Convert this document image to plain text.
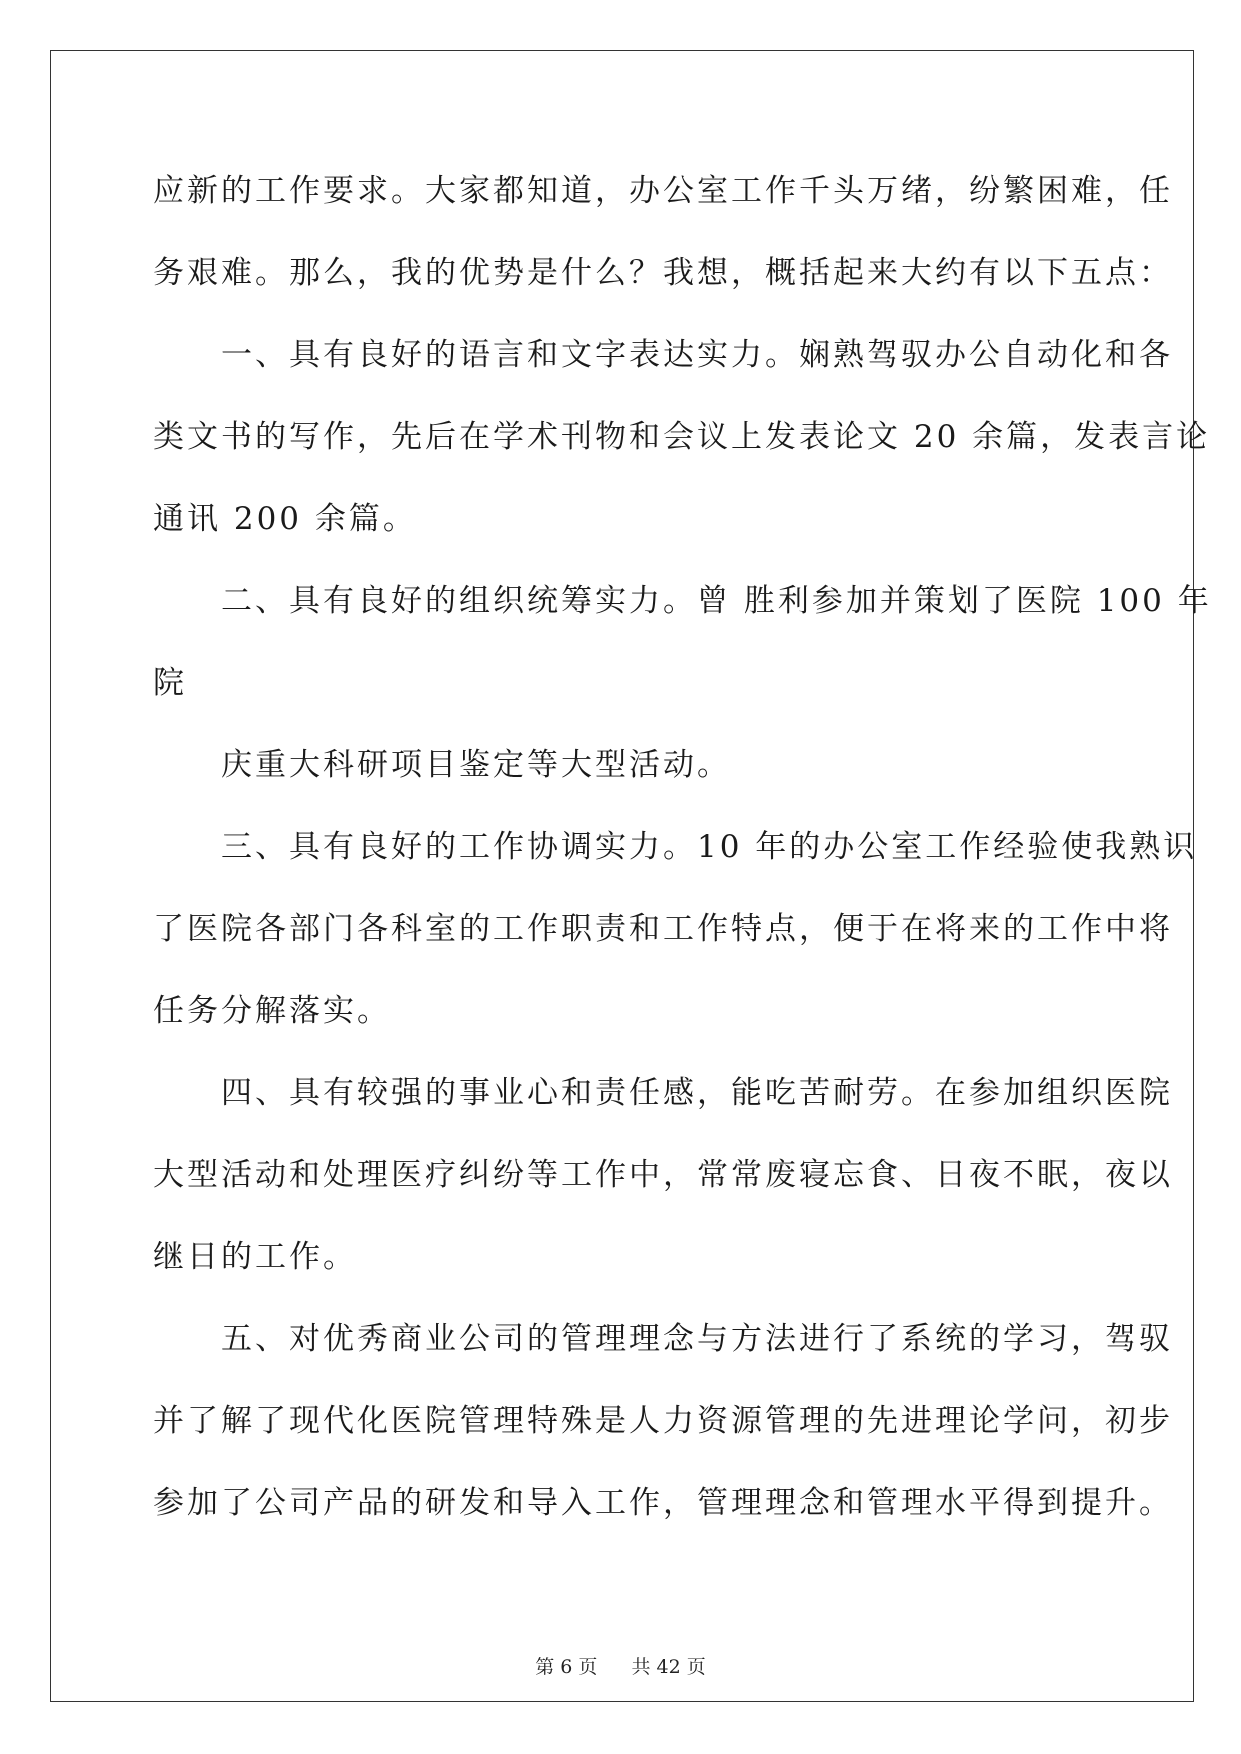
应新的工作要求。大家都知道，办公室工作千头万绪，纷繁困难，任
务艰难。那么，我的优势是什么？我想，概括起来大约有以下五点：
　　一、具有良好的语言和文字表达实力。娴熟驾驭办公自动化和各
类文书的写作，先后在学术刊物和会议上发表论文 20 余篇，发表言论
通讯 200 余篇。
　　二、具有良好的组织统筹实力。曾 胜利参加并策划了医院 100 年
院
　　庆重大科研项目鉴定等大型活动。
　　三、具有良好的工作协调实力。10 年的办公室工作经验使我熟识
了医院各部门各科室的工作职责和工作特点，便于在将来的工作中将
任务分解落实。
　　四、具有较强的事业心和责任感，能吃苦耐劳。在参加组织医院
大型活动和处理医疗纠纷等工作中，常常废寝忘食、日夜不眠，夜以
继日的工作。
　　五、对优秀商业公司的管理理念与方法进行了系统的学习，驾驭
并了解了现代化医院管理特殊是人力资源管理的先进理论学问，初步
参加了公司产品的研发和导入工作，管理理念和管理水平得到提升。
第 6 页 共 42 页
